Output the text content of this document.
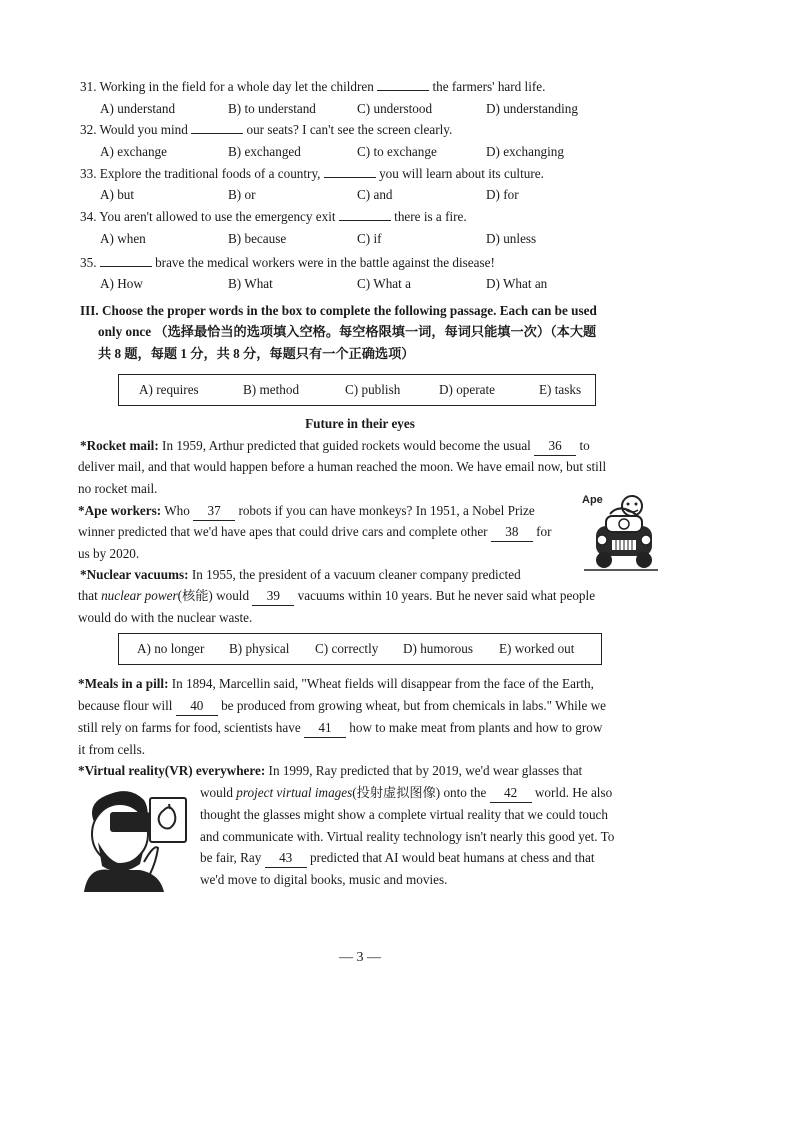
31. Working in the field for a whole day let the children	the farmers' hard life.
A) understand	B) to understand	C) understood	D) understanding
32. Would you mind	our seats? I can't see the screen clearly.
A) exchange	B) exchanged	C) to exchange	D) exchanging
33. Explore the traditional foods of a country,	you will learn about its culture.
A) but	B) or	C) and	D) for
34. You aren't allowed to use the emergency exit	there is a fire.
A) when	B) because	C) if	D) unless
35.	brave the medical workers were in the battle against the disease!
A) How	B) What	C) What a	D) What an
III. Choose the proper words in the box to complete the following passage. Each can be used
only once （选择最恰当的选项填入空格。每空格限填一词，每词只能填一次）（本大题
共 8 题，每题 1 分，共 8 分，每题只有一个正确选项）
A) requires	B) method	C) publish	D) operate	E) tasks
Future in their eyes
*Rocket mail: In 1959, Arthur predicted that guided rockets would become the usual 36 to
deliver mail, and that would happen before a human reached the moon. We have email now, but still
no rocket mail.
*Ape workers: Who 37 robots if you can have monkeys? In 1951, a Nobel Prize
winner predicted that we'd have apes that could drive cars and complete other 38 for
us by 2020.
Ape
*Nuclear vacuums: In 1955, the president of a vacuum cleaner company predicted
that nuclear power(核能) would 39 vacuums within 10 years. But he never said what people
would do with the nuclear waste.
A) no longer B) physical C) correctly D) humorous E) worked out
*Meals in a pill: In 1894, Marcellin said, "Wheat fields will disappear from the face of the Earth,
because flour will 40 be produced from growing wheat, but from chemicals in labs." While we
still rely on farms for food, scientists have 41 how to make meat from plants and how to grow
it from cells.
*Virtual reality(VR) everywhere: In 1999, Ray predicted that by 2019, we'd wear glasses that
would project virtual images(投射虚拟图像) onto the 42 world. He also
thought the glasses might show a complete virtual reality that we could touch
and communicate with. Virtual reality technology isn't nearly this good yet. To
be fair, Ray 43 predicted that AI would beat humans at chess and that
we'd move to digital books, music and movies.
— 3 —
